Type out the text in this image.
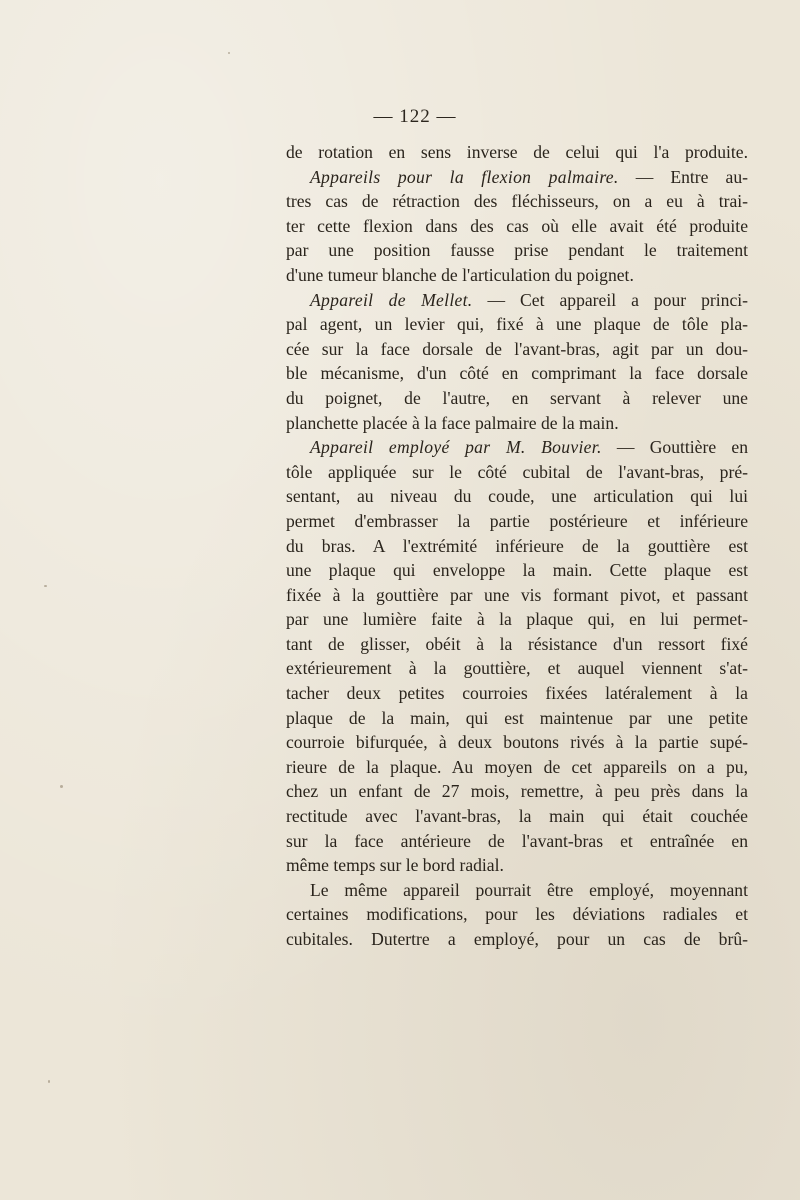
— 122 —
de rotation en sens inverse de celui qui l'a produite.
Appareils pour la flexion palmaire. — Entre au-
tres cas de rétraction des fléchisseurs, on a eu à trai-
ter cette flexion dans des cas où elle avait été produite
par une position fausse prise pendant le traitement
d'une tumeur blanche de l'articulation du poignet.
Appareil de Mellet. — Cet appareil a pour princi-
pal agent, un levier qui, fixé à une plaque de tôle pla-
cée sur la face dorsale de l'avant-bras, agit par un dou-
ble mécanisme, d'un côté en comprimant la face dorsale
du poignet, de l'autre, en servant à relever une
planchette placée à la face palmaire de la main.
Appareil employé par M. Bouvier. — Gouttière en
tôle appliquée sur le côté cubital de l'avant-bras, pré-
sentant, au niveau du coude, une articulation qui lui
permet d'embrasser la partie postérieure et inférieure
du bras. A l'extrémité inférieure de la gouttière est
une plaque qui enveloppe la main. Cette plaque est
fixée à la gouttière par une vis formant pivot, et passant
par une lumière faite à la plaque qui, en lui permet-
tant de glisser, obéit à la résistance d'un ressort fixé
extérieurement à la gouttière, et auquel viennent s'at-
tacher deux petites courroies fixées latéralement à la
plaque de la main, qui est maintenue par une petite
courroie bifurquée, à deux boutons rivés à la partie supé-
rieure de la plaque. Au moyen de cet appareils on a pu,
chez un enfant de 27 mois, remettre, à peu près dans la
rectitude avec l'avant-bras, la main qui était couchée
sur la face antérieure de l'avant-bras et entraînée en
même temps sur le bord radial.
Le même appareil pourrait être employé, moyennant
certaines modifications, pour les déviations radiales et
cubitales. Dutertre a employé, pour un cas de brû-
